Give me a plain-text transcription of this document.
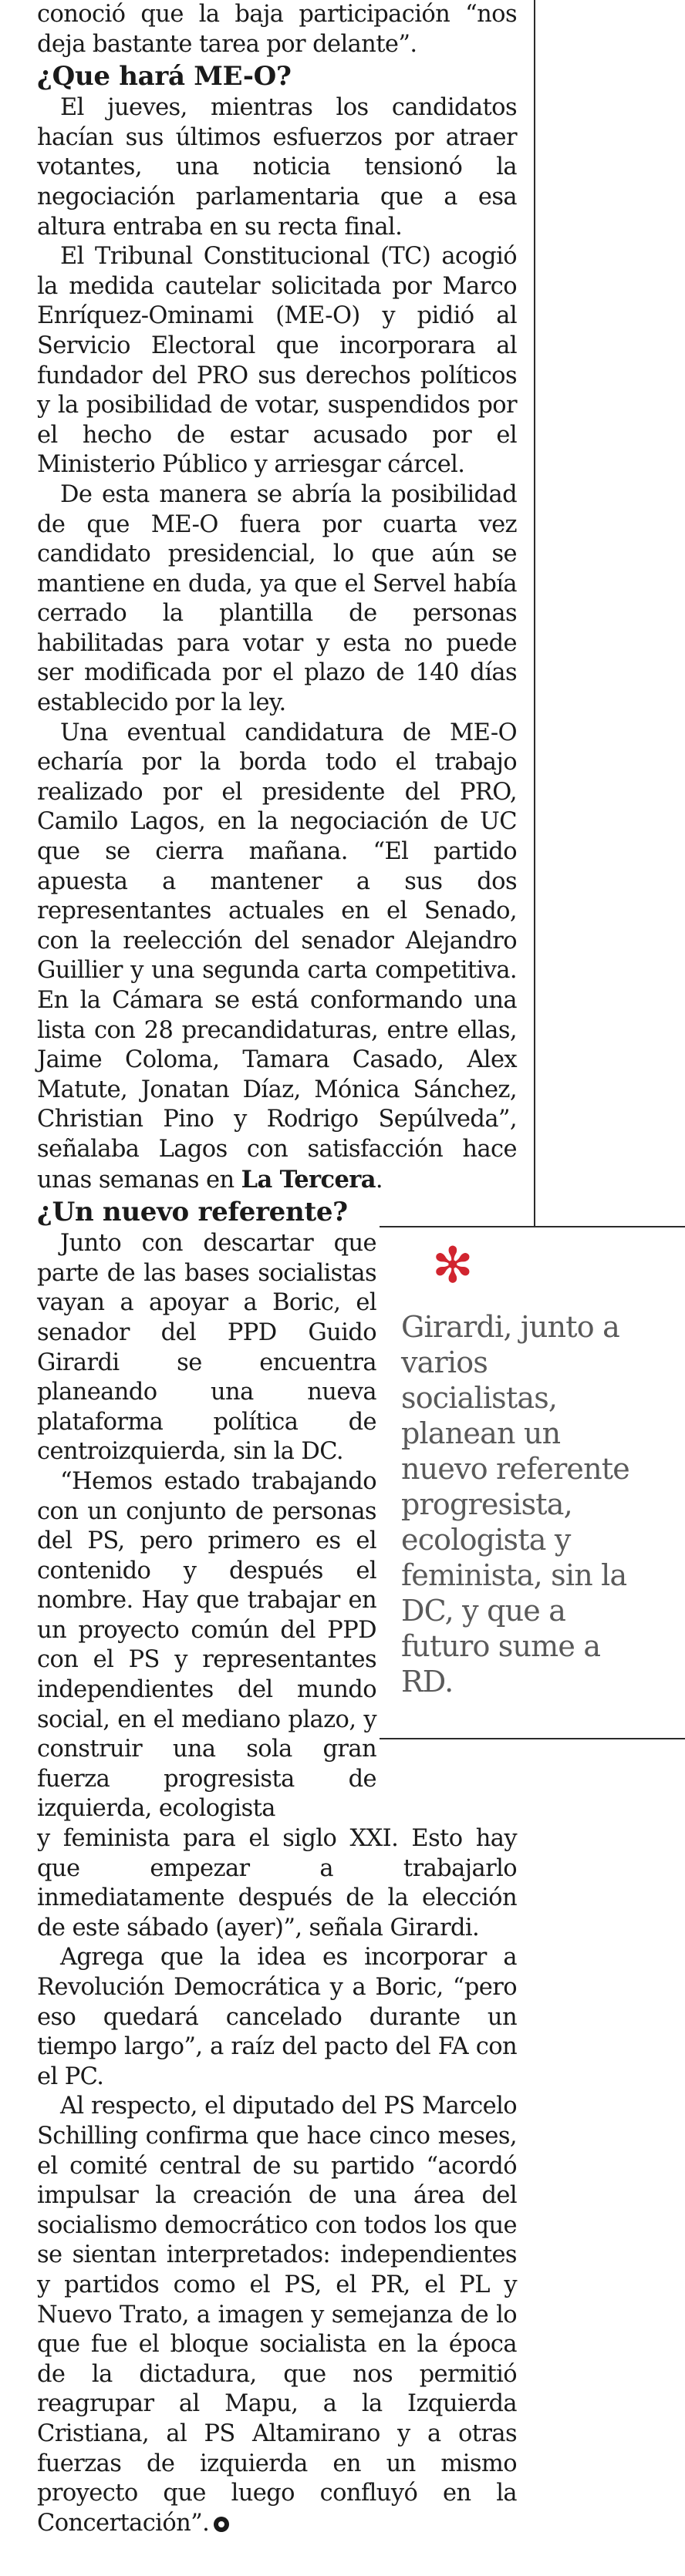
conoció que la baja participación “nos deja bastante tarea por delante”.

¿Que hará ME-O?

El jueves, mientras los candidatos hacían sus últimos esfuerzos por atraer votantes, una noticia tensionó la negociación parlamentaria que a esa altura entraba en su recta final.

El Tribunal Constitucional (TC) acogió la medida cautelar solicitada por Marco Enríquez-Ominami (ME-O) y pidió al Servicio Electoral que incorporara al fundador del PRO sus derechos políticos y la posibilidad de votar, suspendidos por el hecho de estar acusado por el Ministerio Público y arriesgar cárcel.

De esta manera se abría la posibilidad de que ME-O fuera por cuarta vez candidato presidencial, lo que aún se mantiene en duda, ya que el Servel había cerrado la plantilla de personas habilitadas para votar y esta no puede ser modificada por el plazo de 140 días establecido por la ley.

Una eventual candidatura de ME-O echaría por la borda todo el trabajo realizado por el presidente del PRO, Camilo Lagos, en la negociación de UC que se cierra mañana. “El partido apuesta a mantener a sus dos representantes actuales en el Senado, con la reelección del senador Alejandro Guillier y una segunda carta competitiva. En la Cámara se está conformando una lista con 28 precandidaturas, entre ellas, Jaime Coloma, Tamara Casado, Alex Matute, Jonatan Díaz, Mónica Sánchez, Christian Pino y Rodrigo Sepúlveda”, señalaba Lagos con satisfacción hace unas semanas en La Tercera.

¿Un nuevo referente?

Junto con descartar que parte de las bases socialistas vayan a apoyar a Boric, el senador del PPD Guido Girardi se encuentra planeando una nueva plataforma política de centroizquierda, sin la DC.

“Hemos estado trabajando con un conjunto de personas del PS, pero primero es el contenido y después el nombre. Hay que trabajar en un proyecto común del PPD con el PS y representantes independientes del mundo social, en el mediano plazo, y construir una sola gran fuerza progresista de izquierda, ecologista

y feminista para el siglo XXI. Esto hay que empezar a trabajarlo inmediatamente después de la elección de este sábado (ayer)”, señala Girardi.

Agrega que la idea es incorporar a Revolución Democrática y a Boric, “pero eso quedará cancelado durante un tiempo largo”, a raíz del pacto del FA con el PC.

Al respecto, el diputado del PS Marcelo Schilling confirma que hace cinco meses, el comité central de su partido “acordó impulsar la creación de una área del socialismo democrático con todos los que se sientan interpretados: independientes y partidos como el PS, el PR, el PL y Nuevo Trato, a imagen y semejanza de lo que fue el bloque socialista en la época de la dictadura, que nos permitió reagrupar al Mapu, a la Izquierda Cristiana, al PS Altamirano y a otras fuerzas de izquierda en un mismo proyecto que luego confluyó en la Concertación”.

✻
Girardi, junto a varios socialistas, planean un nuevo referente progresista, ecologista y feminista, sin la DC, y que a futuro sume a RD.
